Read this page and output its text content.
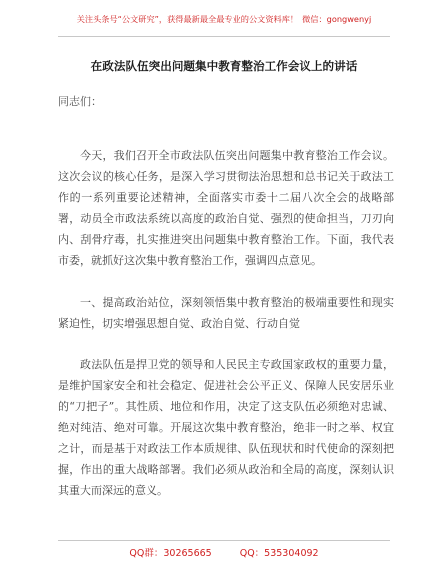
关注头条号“公文研究”，获得最新最全最专业的公文资料库！ 微信：gongwenyj
在政法队伍突出问题集中教育整治工作会议上的讲话
同志们：

今天，我们召开全市政法队伍突出问题集中教育整治工作会议。这次会议的核心任务，是深入学习贯彻法治思想和总书记关于政法工作的一系列重要论述精神，全面落实市委十二届八次全会的战略部署，动员全市政法系统以高度的政治自觉、强烈的使命担当，刀刃向内、刮骨疗毒，扎实推进突出问题集中教育整治工作。下面，我代表市委，就抓好这次集中教育整治工作，强调四点意见。

一、提高政治站位，深刻领悟集中教育整治的极端重要性和现实紧迫性，切实增强思想自觉、政治自觉、行动自觉

政法队伍是捍卫党的领导和人民民主专政国家政权的重要力量，是维护国家安全和社会稳定、促进社会公平正义、保障人民安居乐业的“刀把子”。其性质、地位和作用，决定了这支队伍必须绝对忠诚、绝对纯洁、绝对可靠。开展这次集中教育整治，绝非一时之举、权宜之计，而是基于对政法工作本质规律、队伍现状和时代使命的深刻把握，作出的重大战略部署。我们必须从政治和全局的高度，深刻认识其重大而深远的意义。

QQ群：30265665	QQ：535304092
